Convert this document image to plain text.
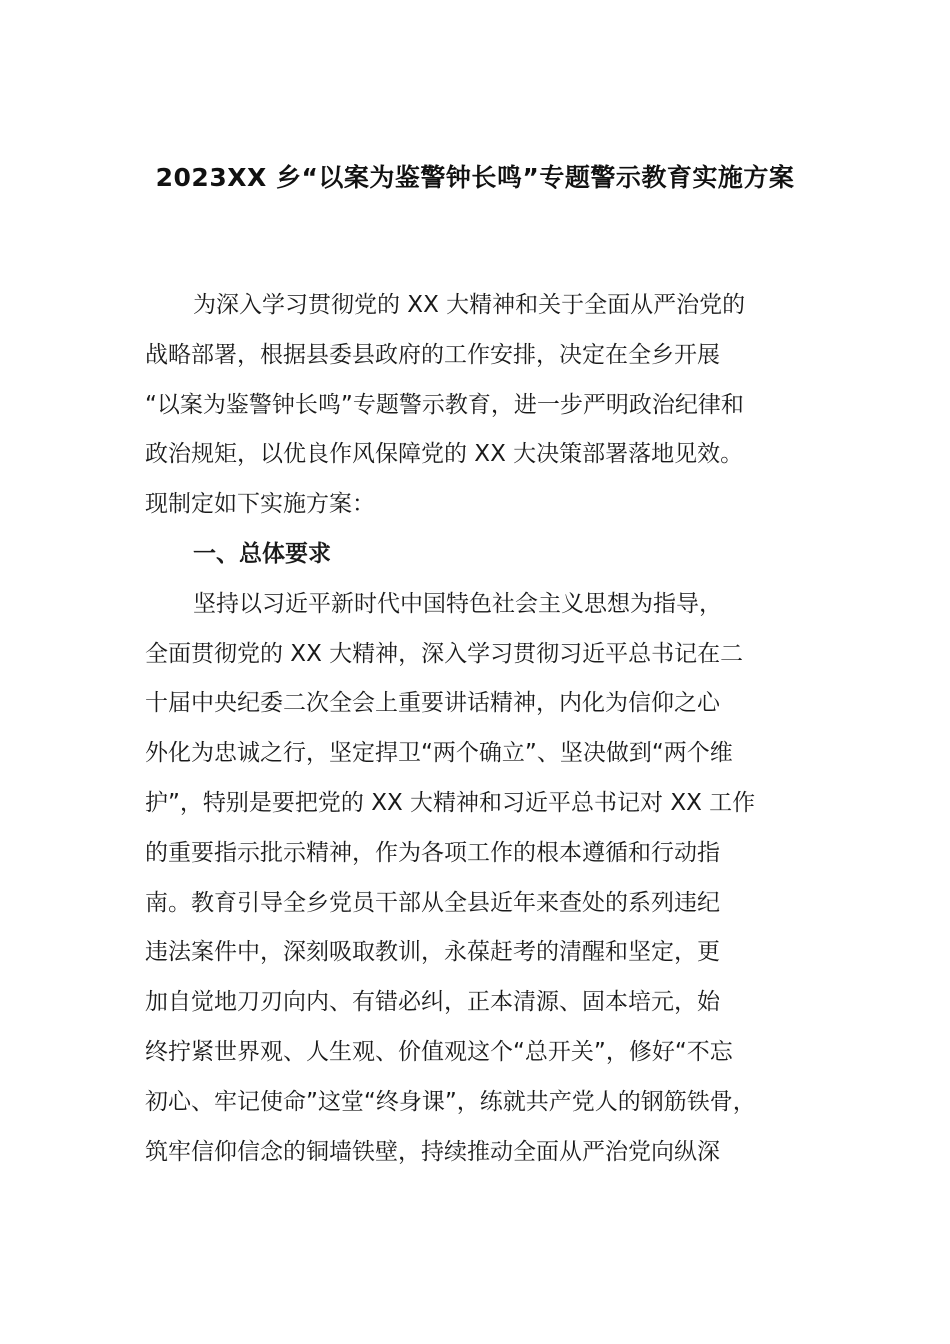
2023XX 乡“以案为鉴警钟长鸣”专题警示教育实施方案
为深入学习贯彻党的 XX 大精神和关于全面从严治党的
战略部署，根据县委县政府的工作安排，决定在全乡开展
“以案为鉴警钟长鸣”专题警示教育，进一步严明政治纪律和
政治规矩，以优良作风保障党的 XX 大决策部署落地见效。
现制定如下实施方案：
一、总体要求
坚持以习近平新时代中国特色社会主义思想为指导，
全面贯彻党的 XX 大精神，深入学习贯彻习近平总书记在二
十届中央纪委二次全会上重要讲话精神，内化为信仰之心
外化为忠诚之行，坚定捍卫“两个确立”、坚决做到“两个维
护”，特别是要把党的 XX 大精神和习近平总书记对 XX 工作
的重要指示批示精神，作为各项工作的根本遵循和行动指
南。教育引导全乡党员干部从全县近年来查处的系列违纪
违法案件中，深刻吸取教训，永葆赶考的清醒和坚定，更
加自觉地刀刃向内、有错必纠，正本清源、固本培元，始
终拧紧世界观、人生观、价值观这个“总开关”，修好“不忘
初心、牢记使命”这堂“终身课”，练就共产党人的钢筋铁骨，
筑牢信仰信念的铜墙铁壁，持续推动全面从严治党向纵深
